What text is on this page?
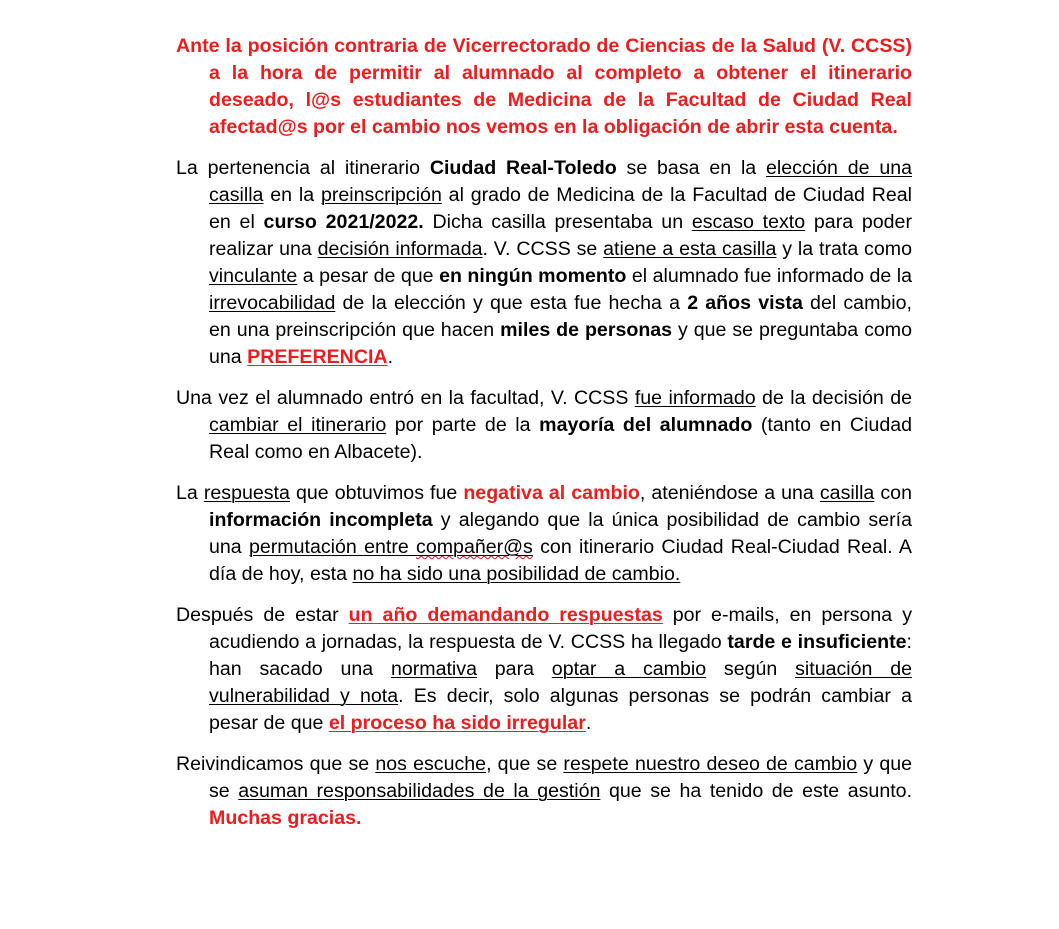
Ante la posición contraria de Vicerrectorado de Ciencias de la Salud (V. CCSS) a la hora de permitir al alumnado al completo a obtener el itinerario deseado, l@s estudiantes de Medicina de la Facultad de Ciudad Real afectad@s por el cambio nos vemos en la obligación de abrir esta cuenta.

La pertenencia al itinerario Ciudad Real-Toledo se basa en la elección de una casilla en la preinscripción al grado de Medicina de la Facultad de Ciudad Real en el curso 2021/2022. Dicha casilla presentaba un escaso texto para poder realizar una decisión informada. V. CCSS se atiene a esta casilla y la trata como vinculante a pesar de que en ningún momento el alumnado fue informado de la irrevocabilidad de la elección y que esta fue hecha a 2 años vista del cambio, en una preinscripción que hacen miles de personas y que se preguntaba como una PREFERENCIA.

Una vez el alumnado entró en la facultad, V. CCSS fue informado de la decisión de cambiar el itinerario por parte de la mayoría del alumnado (tanto en Ciudad Real como en Albacete).

La respuesta que obtuvimos fue negativa al cambio, ateniéndose a una casilla con información incompleta y alegando que la única posibilidad de cambio sería una permutación entre compañer@s con itinerario Ciudad Real-Ciudad Real. A día de hoy, esta no ha sido una posibilidad de cambio.

Después de estar un año demandando respuestas por e-mails, en persona y acudiendo a jornadas, la respuesta de V. CCSS ha llegado tarde e insuficiente: han sacado una normativa para optar a cambio según situación de vulnerabilidad y nota. Es decir, solo algunas personas se podrán cambiar a pesar de que el proceso ha sido irregular.

Reivindicamos que se nos escuche, que se respete nuestro deseo de cambio y que se asuman responsabilidades de la gestión que se ha tenido de este asunto. Muchas gracias.
